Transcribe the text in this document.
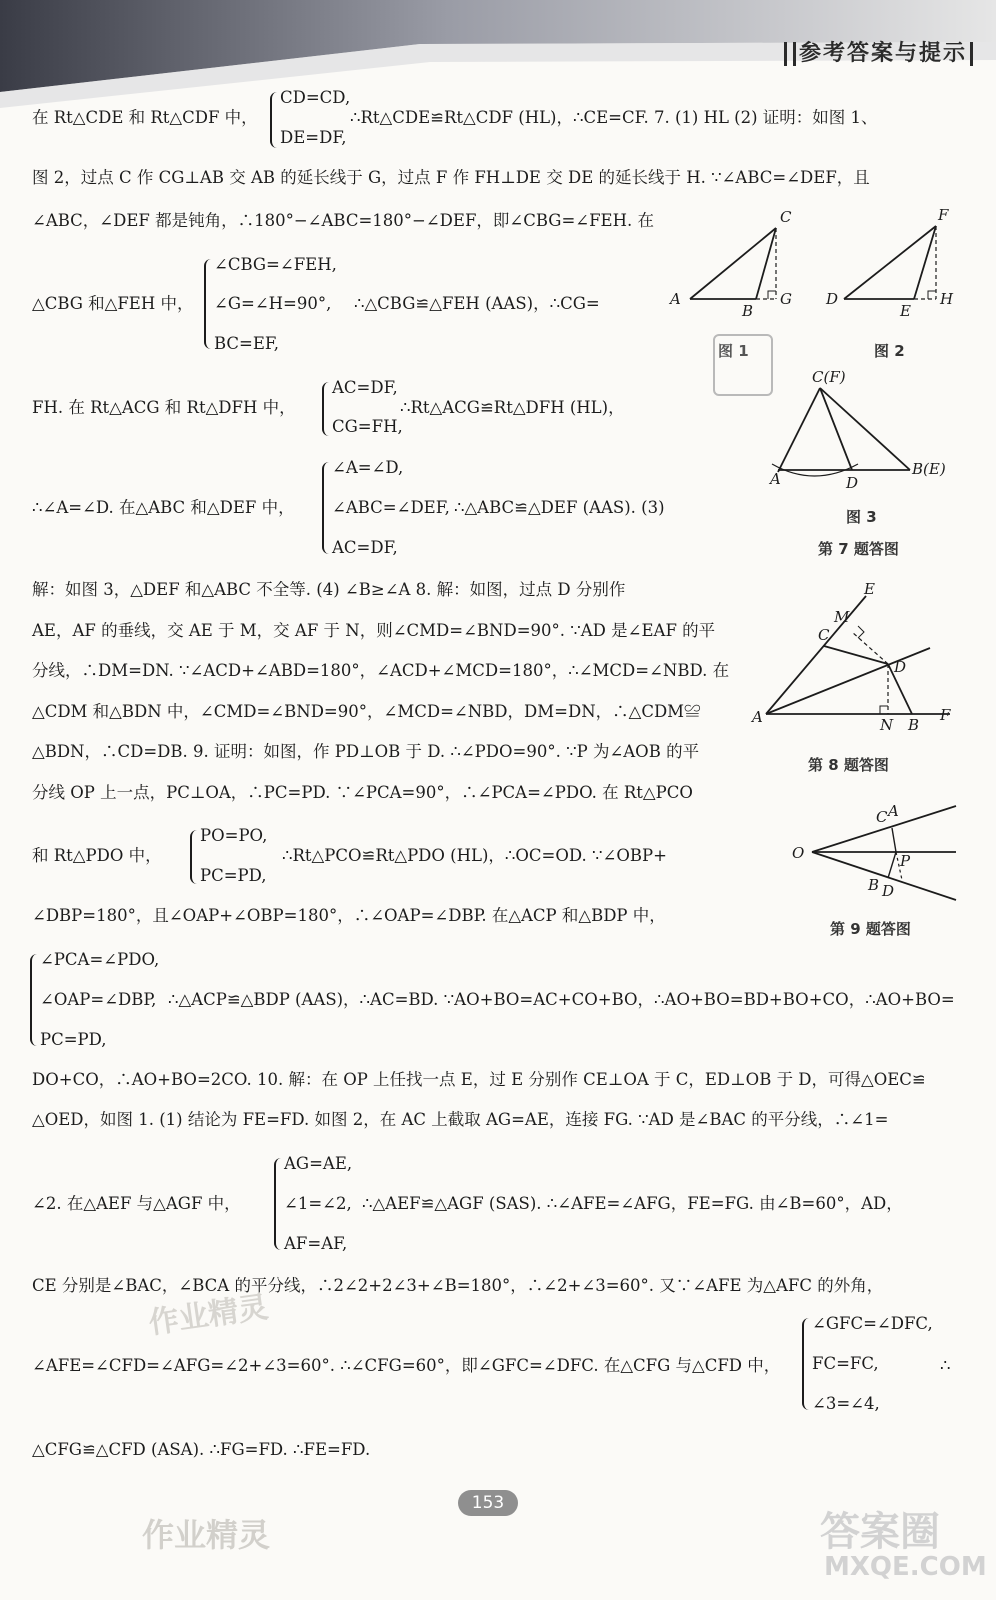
参考答案与提示
在 Rt△CDE 和 Rt△CDF 中，
CD=CD,
DE=DF,
∴Rt△CDE≌Rt△CDF (HL)，∴CE=CF. 7. (1) HL (2) 证明：如图 1、
图 2，过点 C 作 CG⊥AB 交 AB 的延长线于 G，过点 F 作 FH⊥DE 交 DE 的延长线于 H. ∵∠ABC=∠DEF，且
∠ABC，∠DEF 都是钝角，∴180°−∠ABC=180°−∠DEF，即∠CBG=∠FEH. 在
△CBG 和△FEH 中，
∠CBG=∠FEH,
∠G=∠H=90°,
BC=EF,
∴△CBG≌△FEH (AAS)，∴CG=
FH. 在 Rt△ACG 和 Rt△DFH 中，
AC=DF,
CG=FH,
∴Rt△ACG≌Rt△DFH (HL)，
∴∠A=∠D. 在△ABC 和△DEF 中，
∠A=∠D,
∠ABC=∠DEF,
AC=DF,
∴△ABC≌△DEF (AAS). (3)
解：如图 3，△DEF 和△ABC 不全等. (4) ∠B≥∠A 8. 解：如图，过点 D 分别作
AE，AF 的垂线，交 AE 于 M，交 AF 于 N，则∠CMD=∠BND=90°. ∵AD 是∠EAF 的平
分线，∴DM=DN. ∵∠ACD+∠ABD=180°，∠ACD+∠MCD=180°，∴∠MCD=∠NBD. 在
△CDM 和△BDN 中，∠CMD=∠BND=90°，∠MCD=∠NBD，DM=DN，∴△CDM≌
△BDN，∴CD=DB. 9. 证明：如图，作 PD⊥OB 于 D. ∴∠PDO=90°. ∵P 为∠AOB 的平
分线 OP 上一点，PC⊥OA，∴PC=PD. ∵∠PCA=90°，∴∠PCA=∠PDO. 在 Rt△PCO
和 Rt△PDO 中，
PO=PO,
PC=PD,
∴Rt△PCO≌Rt△PDO (HL)，∴OC=OD. ∵∠OBP+
∠DBP=180°，且∠OAP+∠OBP=180°，∴∠OAP=∠DBP. 在△ACP 和△BDP 中，
∠PCA=∠PDO,
∠OAP=∠DBP,
PC=PD,
∴△ACP≌△BDP (AAS)，∴AC=BD. ∵AO+BO=AC+CO+BO，∴AO+BO=BD+BO+CO，∴AO+BO=
DO+CO，∴AO+BO=2CO. 10. 解：在 OP 上任找一点 E，过 E 分别作 CE⊥OA 于 C，ED⊥OB 于 D，可得△OEC≌
△OED，如图 1. (1) 结论为 FE=FD. 如图 2，在 AC 上截取 AG=AE，连接 FG. ∵AD 是∠BAC 的平分线，∴∠1=
∠2. 在△AEF 与△AGF 中，
AG=AE,
∠1=∠2,
AF=AF,
∴△AEF≌△AGF (SAS). ∴∠AFE=∠AFG，FE=FG. 由∠B=60°，AD，
CE 分别是∠BAC，∠BCA 的平分线，∴2∠2+2∠3+∠B=180°，∴∠2+∠3=60°. 又∵∠AFE 为△AFC 的外角，
∠AFE=∠CFD=∠AFG=∠2+∠3=60°. ∴∠CFG=60°，即∠GFC=∠DFC. 在△CFG 与△CFD 中，
∠GFC=∠DFC,
FC=FC,
∠3=∠4,
∴
△CFG≌△CFD (ASA). ∴FG=FD. ∴FE=FD.
C
A
B
G
图 1
F
D
E
H
图 2
C(F)
A	D
B(E)
图 3
第 7 题答图
E
M
C
D
A	N B
F
第 8 题答图
C A
O	P
B D
第 9 题答图
作业精灵
作业精灵	答案圈
MXQE.COM
153
